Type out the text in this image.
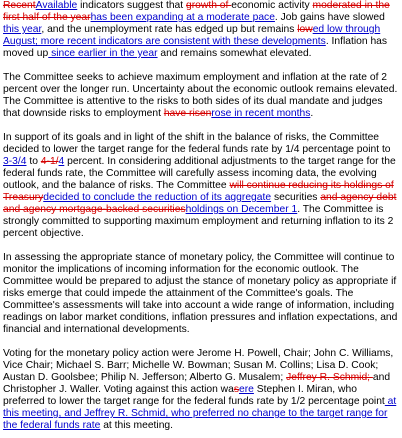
RecentAvailable indicators suggest that growth of economic activity moderated in the first half of the yearhas been expanding at a moderate pace. Job gains have slowed this year, and the unemployment rate has edged up but remains lowed low through August; more recent indicators are consistent with these developments. Inflation has moved up since earlier in the year and remains somewhat elevated.

The Committee seeks to achieve maximum employment and inflation at the rate of 2 percent over the longer run. Uncertainty about the economic outlook remains elevated. The Committee is attentive to the risks to both sides of its dual mandate and judges that downside risks to employment have risenrose in recent months.

In support of its goals and in light of the shift in the balance of risks, the Committee decided to lower the target range for the federal funds rate by 1/4 percentage point to 3-3/4 to 4-1/4 percent. In considering additional adjustments to the target range for the federal funds rate, the Committee will carefully assess incoming data, the evolving outlook, and the balance of risks. The Committee will continue reducing its holdings of Treasurydecided to conclude the reduction of its aggregate securities and agency debt and agency mortgage-backed securitiesholdings on December 1. The Committee is strongly committed to supporting maximum employment and returning inflation to its 2 percent objective.

In assessing the appropriate stance of monetary policy, the Committee will continue to monitor the implications of incoming information for the economic outlook. The Committee would be prepared to adjust the stance of monetary policy as appropriate if risks emerge that could impede the attainment of the Committee's goals. The Committee's assessments will take into account a wide range of information, including readings on labor market conditions, inflation pressures and inflation expectations, and financial and international developments.

Voting for the monetary policy action were Jerome H. Powell, Chair; John C. Williams, Vice Chair; Michael S. Barr; Michelle W. Bowman; Susan M. Collins; Lisa D. Cook; Austan D. Goolsbee; Philip N. Jefferson; Alberto G. Musalem; Jeffrey R. Schmid; and Christopher J. Waller. Voting against this action wasere Stephen I. Miran, who preferred to lower the target range for the federal funds rate by 1/2 percentage point at this meeting, and Jeffrey R. Schmid, who preferred no change to the target range for the federal funds rate at this meeting.
